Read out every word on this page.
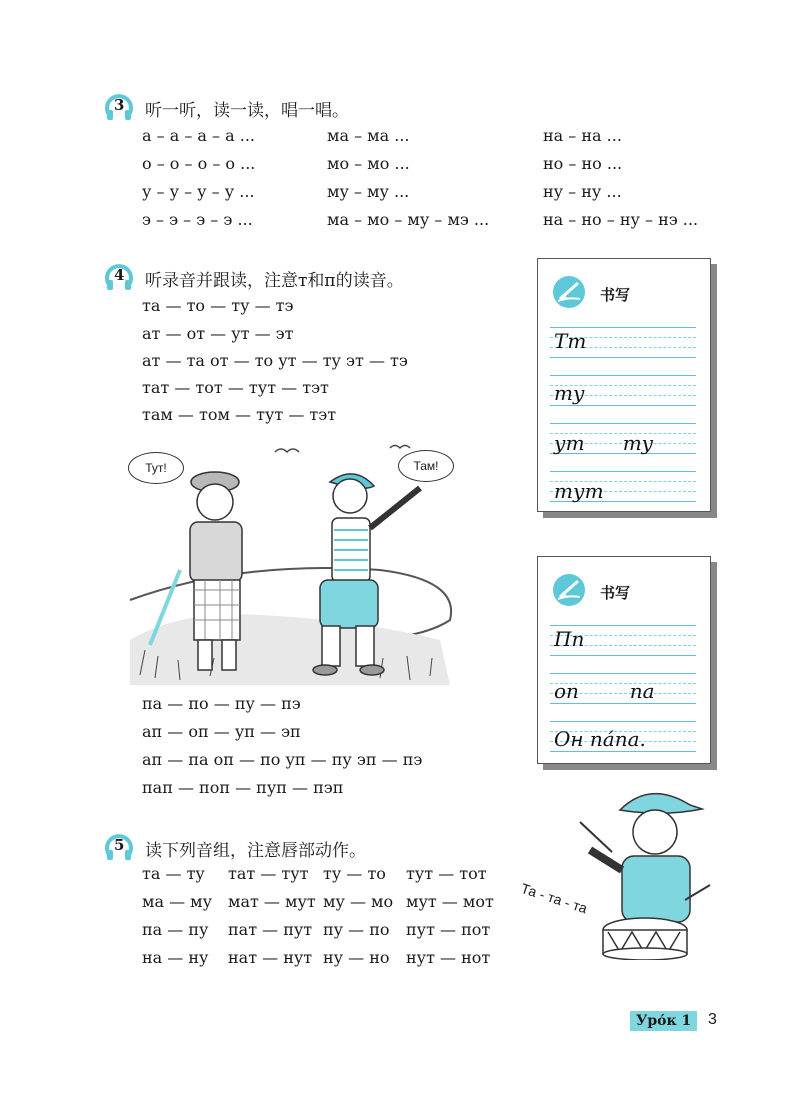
3 听一听，读一读，唱一唱。
а – а – а – а ...	ма – ма ...	на – на ...
о – о – о – о ...	мо – мо ...	но – но ...
у – у – у – у ...	му – му ...	ну – ну ...
э – э – э – э ...	ма – мо – му – мэ ...	на – но – ну – нэ ...
4 听录音并跟读，注意т和п的读音。
та — то — ту — тэ
ат — от — ут — эт
ат — та от — то ут — ту эт — тэ
тат — тот — тут — тэт
там — том — тут — тэт
Тут!	Там!
па — по — пу — пэ
ап — оп — уп — эп
ап — па оп — по уп — пу эп — пэ
пап — поп — пуп — пэп
书写
Тт
ту
ут      ту
тут
书写
Пп
оп        па
Он па́па.
5 读下列音组，注意唇部动作。
та — ту тат — тут ту — то тут — тот
ма — му мат — мут му — мо мут — мот
па — пу пат — пут пу — по пут — пот
на — ну нат — нут ну — но нут — нот
Та - та - та
Уро́к 1	3
